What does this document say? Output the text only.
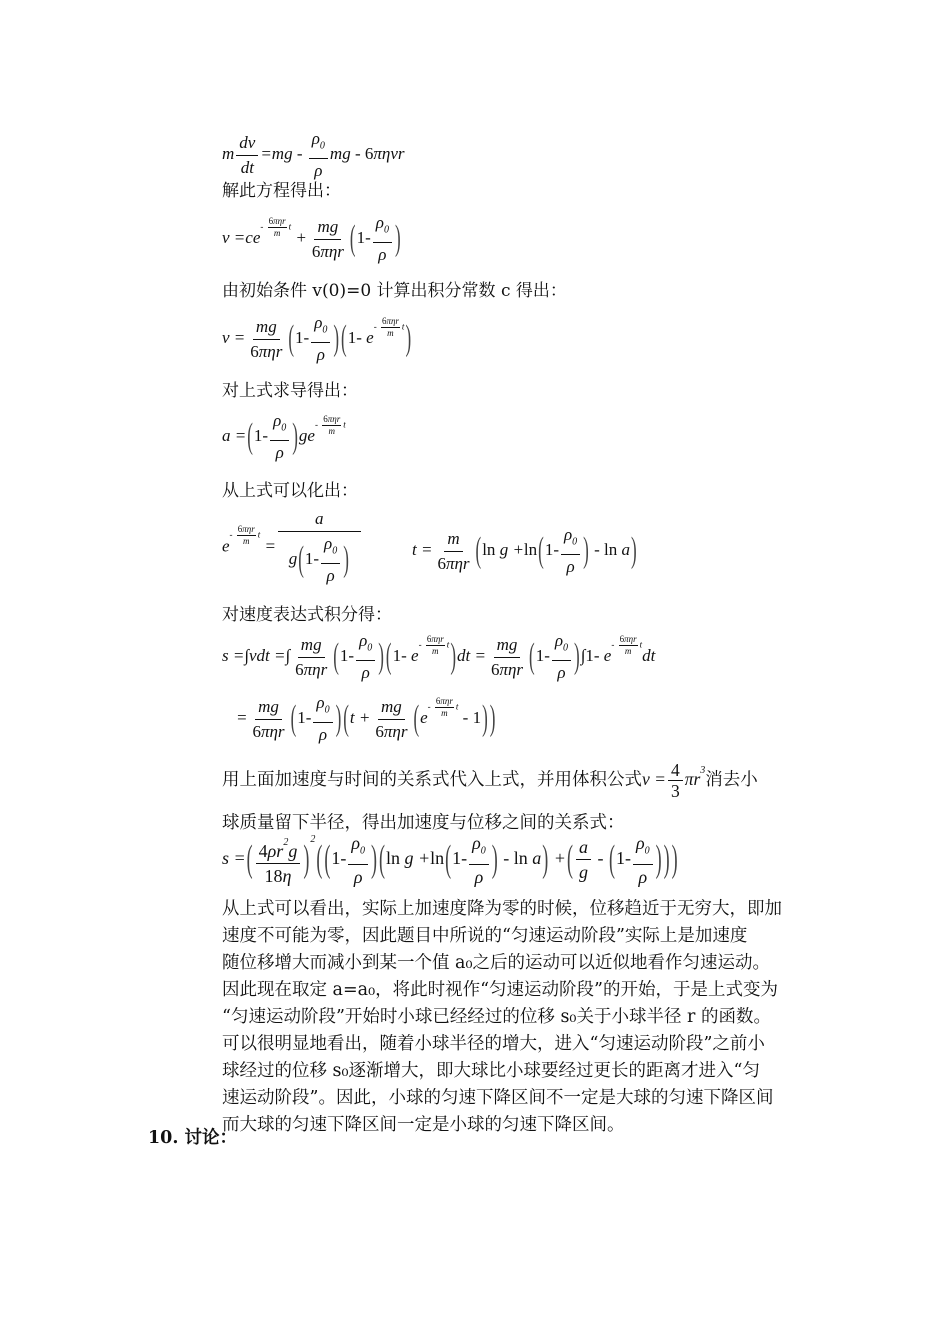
m $\frac{dv}{dt} =mg - \frac{\rho_0}{\rho}$ mg - 6πηvr
解此方程得出：
v =ce-
6πηr
m
t +
mg
6πηr ($1- \frac{\rho_0}{\rho}$ )
由初始条件 v(0)=0 计算出积分常数 c 得出：
v =
mg
6πηr ($1- \frac{\rho_0}{\rho}$ ) (1- e-
6πηr
m
t)
对上式求导得出：
$a =(1- \frac{\rho_0}{\rho} )ge-$
6πηr
m
t
从上式可以化出：
e-
6πηr
m
$t = \frac{a}{g(1- \frac{\rho_0}{\rho} )}$	t =
m
6πηr (ln $g +\ln(1- \frac{\rho_0}{\rho}$ ) - ln a)
对速度表达式积分得：
s =∫vdt =∫
mg
6πηr ($1- \frac{\rho_0}{\rho}$ ) (1- e-
6πηr
m
t)dt =
mg
6πηr $(1- \frac{\rho_0}{\rho} )\int 1-$ e-
6πηr
m
tdt
=
mg
6πηr ($1- \frac{\rho_0}{\rho}$ ) (t +
mg
6πηr (e-
6πηr
m
t - 1) )
用上面加速度与时间的关系式代入上式，并用体积公式$v = \frac{4}{3} \pi r^3$消去小
球质量留下半径，得出加速度与位移之间的关系式：
s =( $\frac{4\rho r^2g}{18\eta} )^2$( ($1- \frac{\rho_0}{\rho}$ ) (ln $g +\ln(1- \frac{\rho_0}{\rho}$ ) - ln a) +( $\frac{a}{g} - (1- \frac{\rho_0}{\rho}$ ) ) )
从上式可以看出，实际上加速度降为零的时候，位移趋近于无穷大，即加
速度不可能为零，因此题目中所说的“匀速运动阶段”实际上是加速度
随位移增大而减小到某一个值 a₀之后的运动可以近似地看作匀速运动。
因此现在取定 a=a₀，将此时视作“匀速运动阶段”的开始，于是上式变为
“匀速运动阶段”开始时小球已经经过的位移 s₀关于小球半径 r 的函数。
可以很明显地看出，随着小球半径的增大，进入“匀速运动阶段”之前小
球经过的位移 s₀逐渐增大，即大球比小球要经过更长的距离才进入“匀
速运动阶段”。因此，小球的匀速下降区间不一定是大球的匀速下降区间
而大球的匀速下降区间一定是小球的匀速下降区间。
10. 讨论：
